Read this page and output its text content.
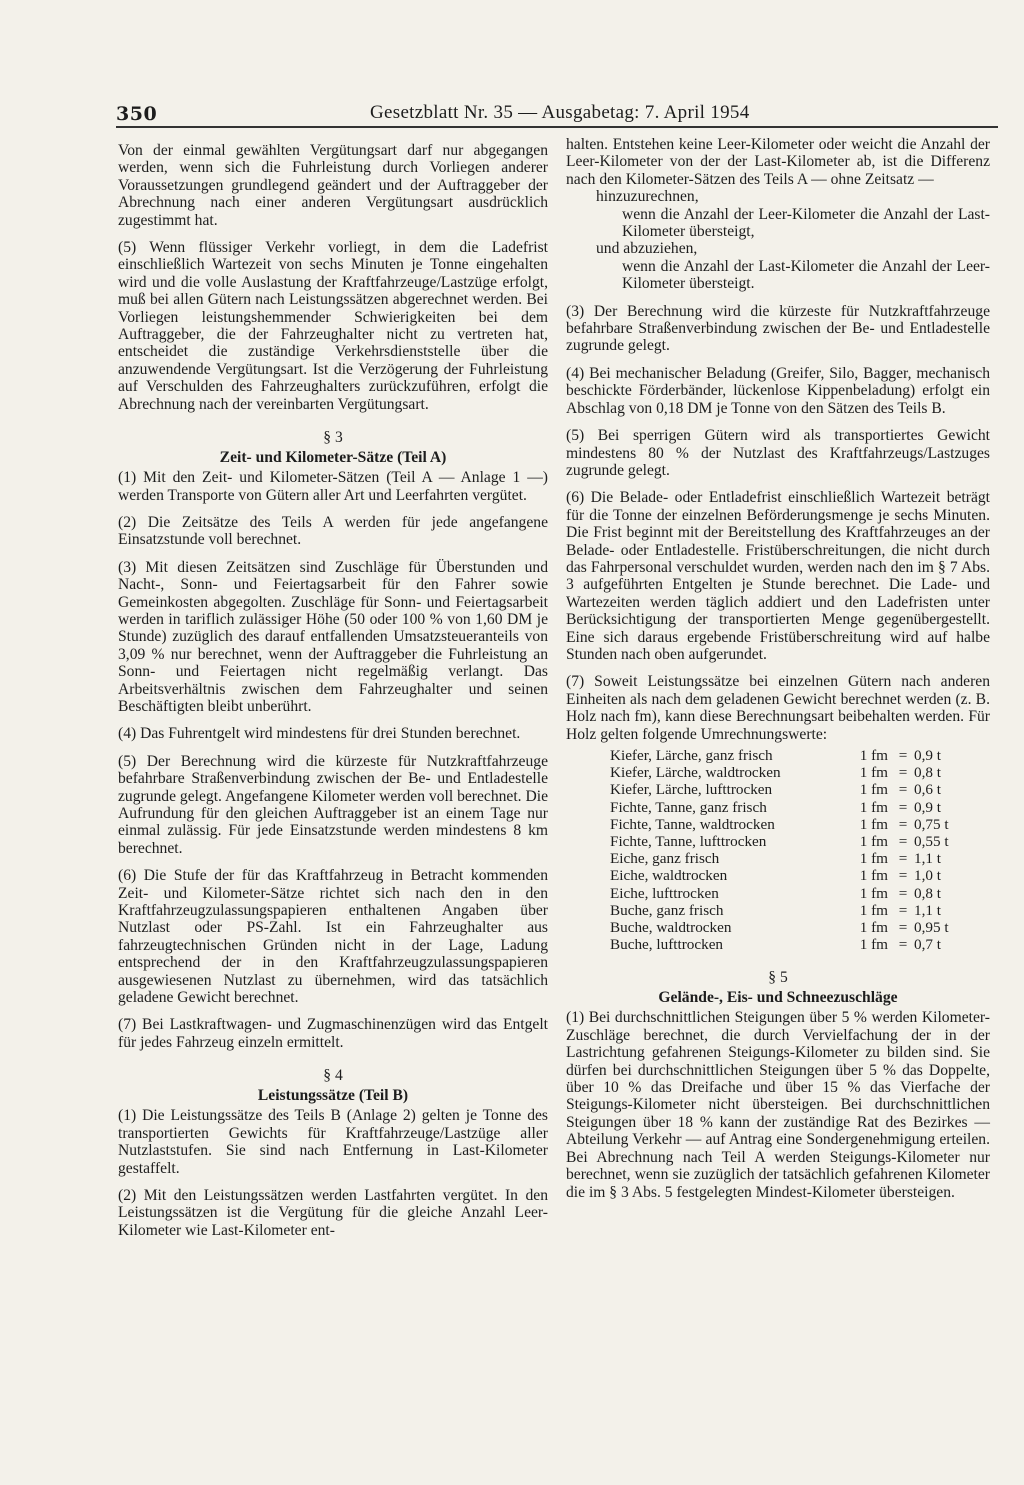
350	Gesetzblatt Nr. 35 — Ausgabetag: 7. April 1954

Von der einmal gewählten Vergütungsart darf nur abgegangen werden, wenn sich die Fuhrleistung durch Vorliegen anderer Voraussetzungen grundlegend geändert und der Auftraggeber der Abrechnung nach einer anderen Vergütungsart ausdrücklich zugestimmt hat.

(5) Wenn flüssiger Verkehr vorliegt, in dem die Ladefrist einschließlich Wartezeit von sechs Minuten je Tonne eingehalten wird und die volle Auslastung der Kraftfahrzeuge/Lastzüge erfolgt, muß bei allen Gütern nach Leistungssätzen abgerechnet werden. Bei Vorliegen leistungshemmender Schwierigkeiten bei dem Auftraggeber, die der Fahrzeughalter nicht zu vertreten hat, entscheidet die zuständige Verkehrsdienststelle über die anzuwendende Vergütungsart. Ist die Verzögerung der Fuhrleistung auf Verschulden des Fahrzeughalters zurückzuführen, erfolgt die Abrechnung nach der vereinbarten Vergütungsart.

§ 3
Zeit- und Kilometer-Sätze (Teil A)

(1) Mit den Zeit- und Kilometer-Sätzen (Teil A — Anlage 1 —) werden Transporte von Gütern aller Art und Leerfahrten vergütet.

(2) Die Zeitsätze des Teils A werden für jede angefangene Einsatzstunde voll berechnet.

(3) Mit diesen Zeitsätzen sind Zuschläge für Überstunden und Nacht-, Sonn- und Feiertagsarbeit für den Fahrer sowie Gemeinkosten abgegolten. Zuschläge für Sonn- und Feiertagsarbeit werden in tariflich zulässiger Höhe (50 oder 100 % von 1,60 DM je Stunde) zuzüglich des darauf entfallenden Umsatzsteueranteils von 3,09 % nur berechnet, wenn der Auftraggeber die Fuhrleistung an Sonn- und Feiertagen nicht regelmäßig verlangt. Das Arbeitsverhältnis zwischen dem Fahrzeughalter und seinen Beschäftigten bleibt unberührt.

(4) Das Fuhrentgelt wird mindestens für drei Stunden berechnet.

(5) Der Berechnung wird die kürzeste für Nutzkraftfahrzeuge befahrbare Straßenverbindung zwischen der Be- und Entladestelle zugrunde gelegt. Angefangene Kilometer werden voll berechnet. Die Aufrundung für den gleichen Auftraggeber ist an einem Tage nur einmal zulässig. Für jede Einsatzstunde werden mindestens 8 km berechnet.

(6) Die Stufe der für das Kraftfahrzeug in Betracht kommenden Zeit- und Kilometer-Sätze richtet sich nach den in den Kraftfahrzeugzulassungspapieren enthaltenen Angaben über Nutzlast oder PS-Zahl. Ist ein Fahrzeughalter aus fahrzeugtechnischen Gründen nicht in der Lage, Ladung entsprechend der in den Kraftfahrzeugzulassungspapieren ausgewiesenen Nutzlast zu übernehmen, wird das tatsächlich geladene Gewicht berechnet.

(7) Bei Lastkraftwagen- und Zugmaschinenzügen wird das Entgelt für jedes Fahrzeug einzeln ermittelt.

§ 4
Leistungssätze (Teil B)

(1) Die Leistungssätze des Teils B (Anlage 2) gelten je Tonne des transportierten Gewichts für Kraftfahrzeuge/Lastzüge aller Nutzlaststufen. Sie sind nach Entfernung in Last-Kilometer gestaffelt.

(2) Mit den Leistungssätzen werden Lastfahrten vergütet. In den Leistungssätzen ist die Vergütung für die gleiche Anzahl Leer-Kilometer wie Last-Kilometer ent-

halten. Entstehen keine Leer-Kilometer oder weicht die Anzahl der Leer-Kilometer von der der Last-Kilometer ab, ist die Differenz nach den Kilometer-Sätzen des Teils A — ohne Zeitsatz —

hinzuzurechnen,

wenn die Anzahl der Leer-Kilometer die Anzahl der Last-Kilometer übersteigt,

und abzuziehen,

wenn die Anzahl der Last-Kilometer die Anzahl der Leer-Kilometer übersteigt.

(3) Der Berechnung wird die kürzeste für Nutzkraftfahrzeuge befahrbare Straßenverbindung zwischen der Be- und Entladestelle zugrunde gelegt.

(4) Bei mechanischer Beladung (Greifer, Silo, Bagger, mechanisch beschickte Förderbänder, lückenlose Kippenbeladung) erfolgt ein Abschlag von 0,18 DM je Tonne von den Sätzen des Teils B.

(5) Bei sperrigen Gütern wird als transportiertes Gewicht mindestens 80 % der Nutzlast des Kraftfahrzeugs/Lastzuges zugrunde gelegt.

(6) Die Belade- oder Entladefrist einschließlich Wartezeit beträgt für die Tonne der einzelnen Beförderungsmenge je sechs Minuten. Die Frist beginnt mit der Bereitstellung des Kraftfahrzeuges an der Belade- oder Entladestelle. Fristüberschreitungen, die nicht durch das Fahrpersonal verschuldet wurden, werden nach den im § 7 Abs. 3 aufgeführten Entgelten je Stunde berechnet. Die Lade- und Wartezeiten werden täglich addiert und den Ladefristen unter Berücksichtigung der transportierten Menge gegenübergestellt. Eine sich daraus ergebende Fristüberschreitung wird auf halbe Stunden nach oben aufgerundet.

(7) Soweit Leistungssätze bei einzelnen Gütern nach anderen Einheiten als nach dem geladenen Gewicht berechnet werden (z. B. Holz nach fm), kann diese Berechnungsart beibehalten werden. Für Holz gelten folgende Umrechnungswerte:

Kiefer, Lärche, ganz frisch	1 fm	=	0,9 t
Kiefer, Lärche, waldtrocken	1 fm	=	0,8 t
Kiefer, Lärche, lufttrocken	1 fm	=	0,6 t
Fichte, Tanne, ganz frisch	1 fm	=	0,9 t
Fichte, Tanne, waldtrocken	1 fm	=	0,75 t
Fichte, Tanne, lufttrocken	1 fm	=	0,55 t
Eiche, ganz frisch	1 fm	=	1,1 t
Eiche, waldtrocken	1 fm	=	1,0 t
Eiche, lufttrocken	1 fm	=	0,8 t
Buche, ganz frisch	1 fm	=	1,1 t
Buche, waldtrocken	1 fm	=	0,95 t
Buche, lufttrocken	1 fm	=	0,7 t
§ 5
Gelände-, Eis- und Schneezuschläge

(1) Bei durchschnittlichen Steigungen über 5 % werden Kilometer-Zuschläge berechnet, die durch Vervielfachung der in der Lastrichtung gefahrenen Steigungs-Kilometer zu bilden sind. Sie dürfen bei durchschnittlichen Steigungen über 5 % das Doppelte, über 10 % das Dreifache und über 15 % das Vierfache der Steigungs-Kilometer nicht übersteigen. Bei durchschnittlichen Steigungen über 18 % kann der zuständige Rat des Bezirkes — Abteilung Verkehr — auf Antrag eine Sondergenehmigung erteilen. Bei Abrechnung nach Teil A werden Steigungs-Kilometer nur berechnet, wenn sie zuzüglich der tatsächlich gefahrenen Kilometer die im § 3 Abs. 5 festgelegten Mindest-Kilometer übersteigen.
